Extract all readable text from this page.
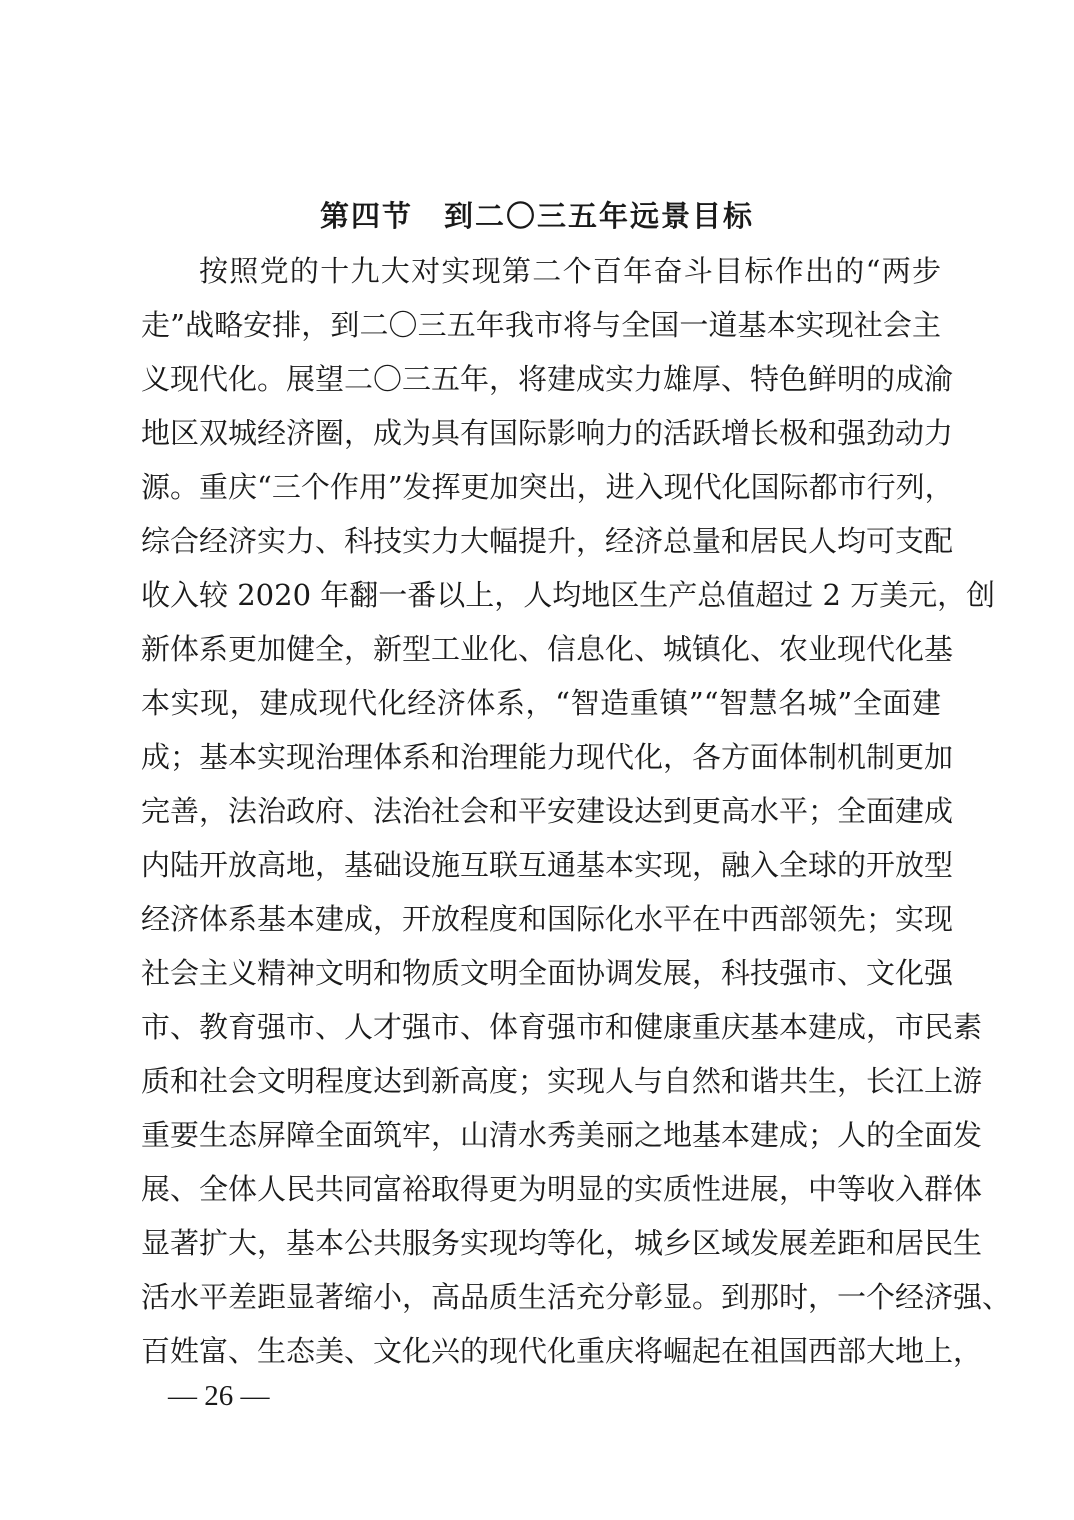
第四节　到二〇三五年远景目标
按照党的十九大对实现第二个百年奋斗目标作出的“两步
走”战略安排，到二〇三五年我市将与全国一道基本实现社会主
义现代化。展望二〇三五年，将建成实力雄厚、特色鲜明的成渝
地区双城经济圈，成为具有国际影响力的活跃增长极和强劲动力
源。重庆“三个作用”发挥更加突出，进入现代化国际都市行列，
综合经济实力、科技实力大幅提升，经济总量和居民人均可支配
收入较 2020 年翻一番以上，人均地区生产总值超过 2 万美元，创
新体系更加健全，新型工业化、信息化、城镇化、农业现代化基
本实现，建成现代化经济体系，“智造重镇”“智慧名城”全面建
成；基本实现治理体系和治理能力现代化，各方面体制机制更加
完善，法治政府、法治社会和平安建设达到更高水平；全面建成
内陆开放高地，基础设施互联互通基本实现，融入全球的开放型
经济体系基本建成，开放程度和国际化水平在中西部领先；实现
社会主义精神文明和物质文明全面协调发展，科技强市、文化强
市、教育强市、人才强市、体育强市和健康重庆基本建成，市民素
质和社会文明程度达到新高度；实现人与自然和谐共生，长江上游
重要生态屏障全面筑牢，山清水秀美丽之地基本建成；人的全面发
展、全体人民共同富裕取得更为明显的实质性进展，中等收入群体
显著扩大，基本公共服务实现均等化，城乡区域发展差距和居民生
活水平差距显著缩小，高品质生活充分彰显。到那时，一个经济强、
百姓富、生态美、文化兴的现代化重庆将崛起在祖国西部大地上，
— 26 —
